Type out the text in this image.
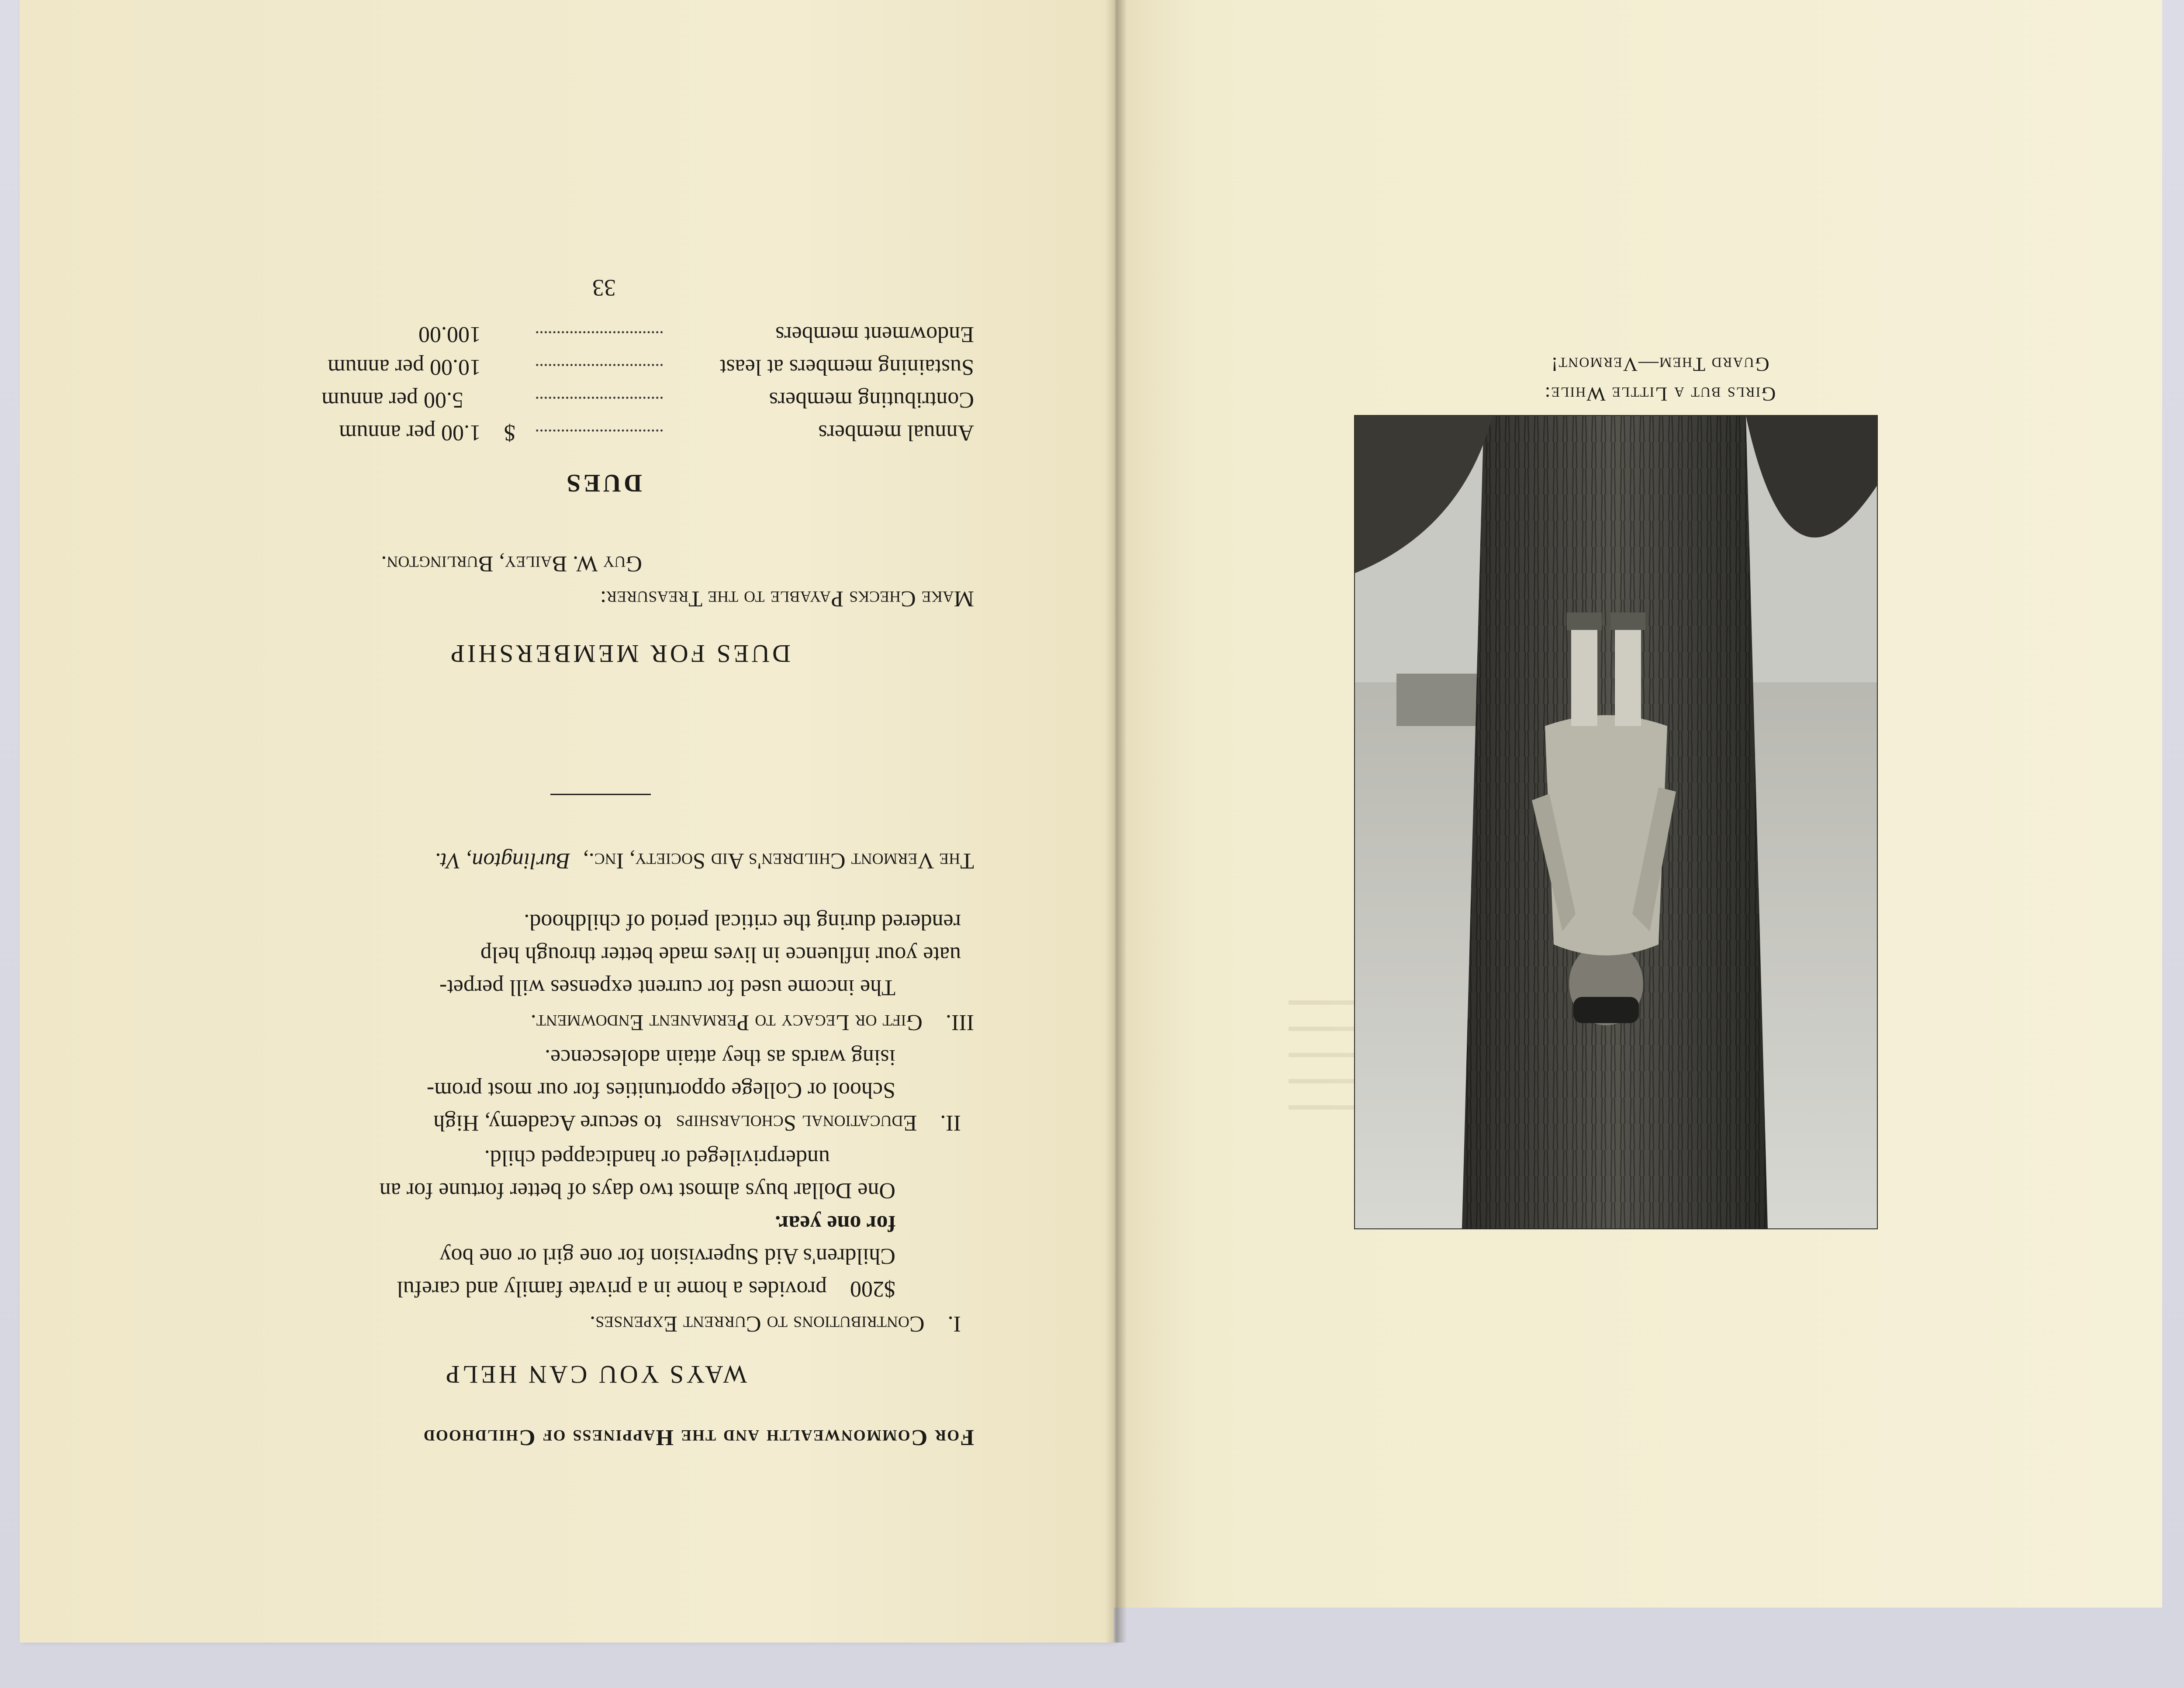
For Commonwealth and the Happiness of Childhood
WAYS YOU CAN HELP
I. Contributions to Current Expenses.
$200 provides a home in a private family and careful
Children's Aid Supervision for one girl or one boy
for one year.
One Dollar buys almost two days of better fortune for an
underprivileged or handicapped child.
II. Educational Scholarships to secure Academy, High
School or College opportunities for our most prom-
ising wards as they attain adolescence.
III. Gift or Legacy to Permanent Endowment.
The income used for current expenses will perpet-
uate your influence in lives made better through help
rendered during the critical period of childhood.
The Vermont Children's Aid Society, Inc., Burlington, Vt.
DUES FOR MEMBERSHIP
Make Checks Payable to the Treasurer:
Guy W. Bailey, Burlington.
DUES
Annual members  $ 1.00 per annum
Contributing members   5.00 per annum
Sustaining members at least   10.00 per annum
Endowment members   100.00
33
Girls but a Little While:
Guard Them—Vermont!
